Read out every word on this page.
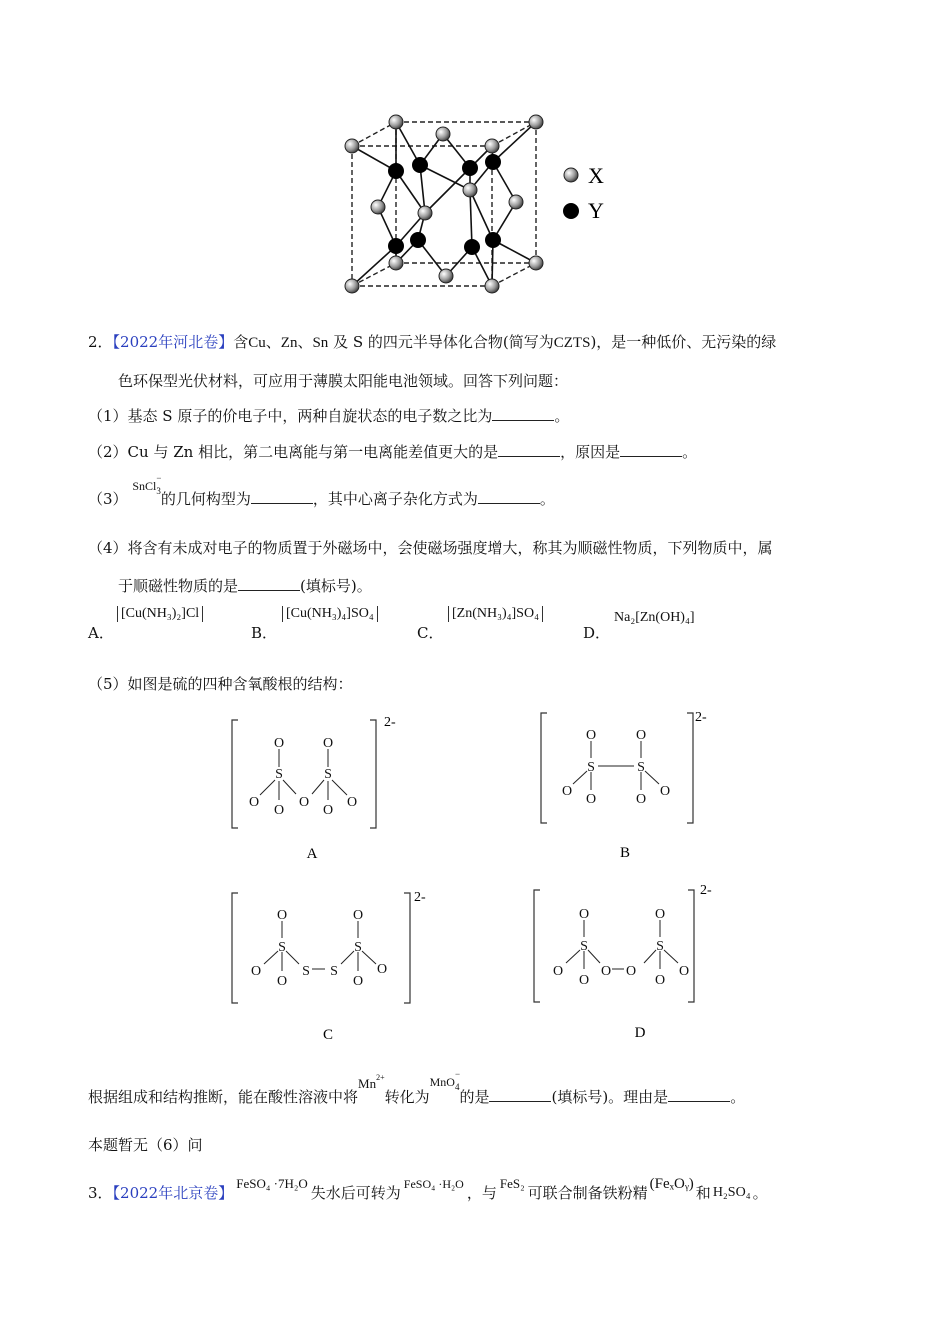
X
Y
2．【2022年河北卷】含Cu、Zn、Sn 及 S 的四元半导体化合物(简写为CZTS)，是一种低价、无污染的绿
色环保型光伏材料，可应用于薄膜太阳能电池领域。回答下列问题：
（1）基态 S 原子的价电子中，两种自旋状态的电子数之比为	。
（2）Cu 与 Zn 相比，第二电离能与第一电离能差值更大的是	，原因是	。
（3） $^{SnCl - _3}$的几何构型为	，其中心离子杂化方式为	。
（4）将含有未成对电子的物质置于外磁场中，会使磁场强度增大，称其为顺磁性物质，下列物质中，属
于顺磁性物质的是	(填标号)。
A．
[Cu(NH₃)₂]Cl
B．
[Cu(NH₃)₄]SO₄
C．
[Zn(NH₃)₄]SO₄
D．
Na₂[Zn(OH)₄]
（5）如图是硫的四种含氧酸根的结构：
O
S
O
O	O
O
S
O
O
2-
A
O
S
O
O
O
S
O
O
2-
B
O
S
O
O	S
O
S
O
S	O
2-
C
O
S
O
O	O O
O
S
O
O
2-
D
根据组成和结构推断，能在酸性溶液中将$Mn^{2+}$转化为$^{MnO - _4}$的是	(填标号)。理由是	。
本题暂无（6）问
3．【2022年北京卷】FeSO₄ ·7H₂O失水后可转为 $^{FeSO_4 \cdot H_2O}$ ，与FeS₂可联合制备铁粉精 (FeₓOᵧ) 和 H₂SO₄ 。
